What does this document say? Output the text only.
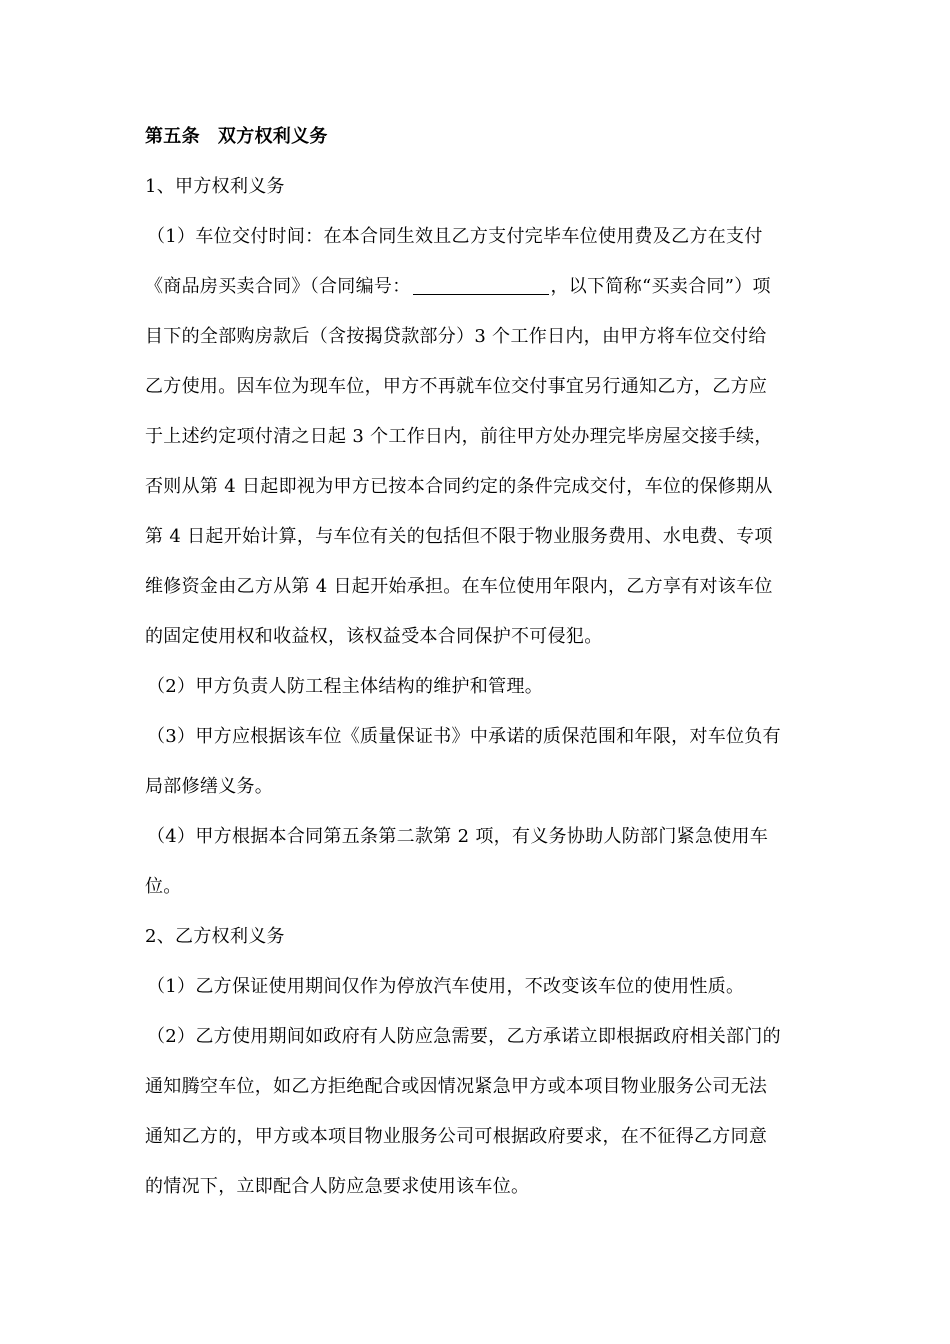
第五条 双方权利义务
1、甲方权利义务
（1）车位交付时间：在本合同生效且乙方支付完毕车位使用费及乙方在支付
《商品房买卖合同》（合同编号：	，以下简称“买卖合同”）项
目下的全部购房款后（含按揭贷款部分）3 个工作日内，由甲方将车位交付给
乙方使用。因车位为现车位，甲方不再就车位交付事宜另行通知乙方，乙方应
于上述约定项付清之日起 3 个工作日内，前往甲方处办理完毕房屋交接手续，
否则从第 4 日起即视为甲方已按本合同约定的条件完成交付，车位的保修期从
第 4 日起开始计算，与车位有关的包括但不限于物业服务费用、水电费、专项
维修资金由乙方从第 4 日起开始承担。在车位使用年限内，乙方享有对该车位
的固定使用权和收益权，该权益受本合同保护不可侵犯。
（2）甲方负责人防工程主体结构的维护和管理。
（3）甲方应根据该车位《质量保证书》中承诺的质保范围和年限，对车位负有
局部修缮义务。
（4）甲方根据本合同第五条第二款第 2 项，有义务协助人防部门紧急使用车
位。
2、乙方权利义务
（1）乙方保证使用期间仅作为停放汽车使用，不改变该车位的使用性质。
（2）乙方使用期间如政府有人防应急需要，乙方承诺立即根据政府相关部门的
通知腾空车位，如乙方拒绝配合或因情况紧急甲方或本项目物业服务公司无法
通知乙方的，甲方或本项目物业服务公司可根据政府要求，在不征得乙方同意
的情况下，立即配合人防应急要求使用该车位。
